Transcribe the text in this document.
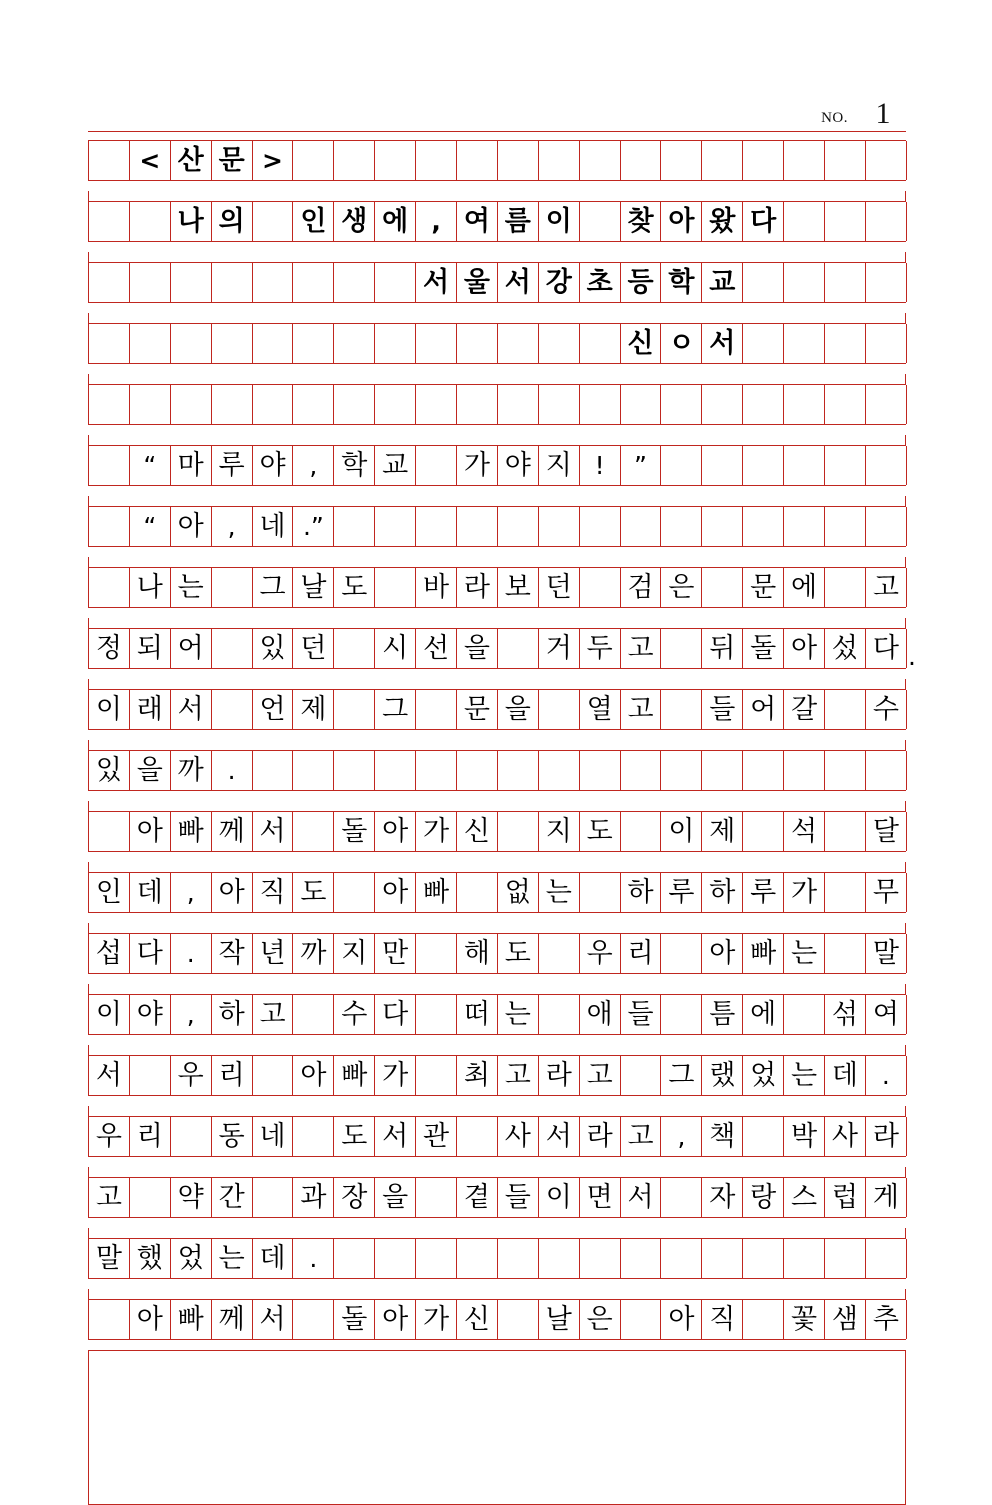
NO. 1
< 산 문 >
나 의 인 생 에 , 여 름 이 찾 아 왔 다
서 울 서 강 초 등 학 교
신 ㅇ 서
“ 마 루 야 , 학 교 가 야 지 !	”
“ 아 , 네 .”
나 는 그 날 도 바 라 보 던 검 은 문 에 고
정 되 어 있 던 시 선 을 거 두 고 뒤 돌 아 섰 다 .
이 래 서 언 제 그 문 을 열 고 들 어 갈 수
있 을 까 .
아 빠 께 서 돌 아 가 신 지 도 이 제 석 달
인 데 , 아 직 도 아 빠 없 는 하 루 하 루 가 무
섭 다 . 작 년 까 지 만 해 도 우 리 아 빠 는 말
이 야 , 하 고 수 다 떠 는 애 들 틈 에 섞 여
서 우 리 아 빠 가 최 고 라 고 그 랬 었 는 데 .
우 리 동 네 도 서 관 사 서 라 고 , 책 박 사 라
고 약 간 과 장 을 곁 들 이 면 서 자 랑 스 럽 게
말 했 었 는 데 .
아 빠 께 서 돌 아 가 신 날 은 아 직 꽃 샘 추
